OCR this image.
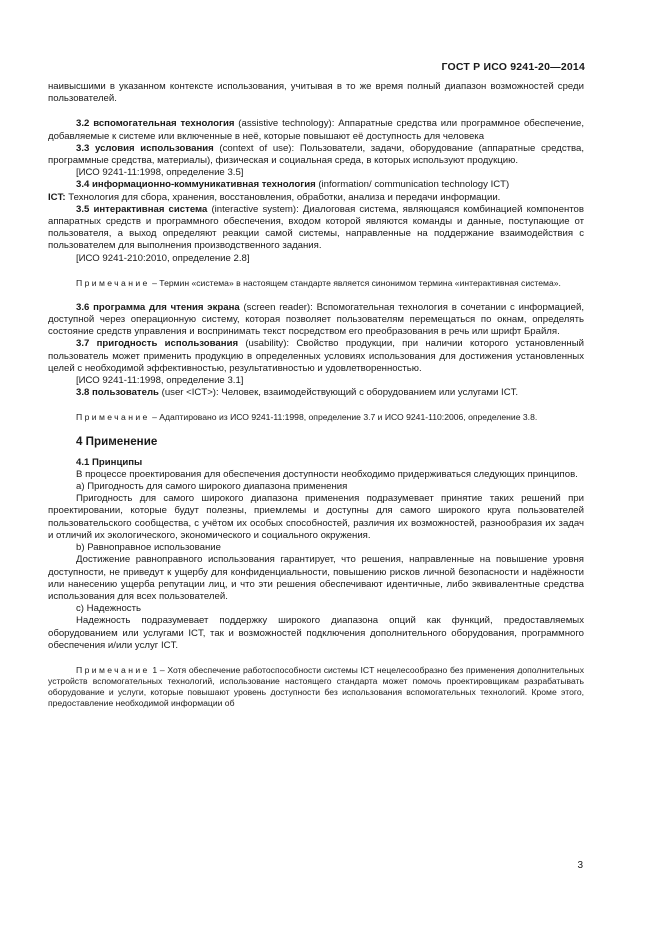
ГОСТ Р ИСО 9241-20—2014

наивысшими в указанном контексте использования, учитывая в то же время полный диапазон возможностей среди пользователей.

3.2 вспомогательная технология (assistive technology): Аппаратные средства или программное обеспечение, добавляемые к системе или включенные в неё, которые повышают её доступность для человека

3.3 условия использования (context of use): Пользователи, задачи, оборудование (аппаратные средства, программные средства, материалы), физическая и социальная среда, в которых используют продукцию.

[ИСО 9241-11:1998, определение 3.5]

3.4 информационно-коммуникативная технология (information/ communication technology ICT)

ICT: Технология для сбора, хранения, восстановления, обработки, анализа и передачи информации.

3.5 интерактивная система (interactive system): Диалоговая система, являющаяся комбинацией компонентов аппаратных средств и программного обеспечения, входом которой являются команды и данные, поступающие от пользователя, а выход определяют реакции самой системы, направленные на поддержание взаимодействия с пользователем для выполнения производственного задания.

[ИСО 9241-210:2010, определение 2.8]

Примечание – Термин «система» в настоящем стандарте является синонимом термина «интерактивная система».

3.6 программа для чтения экрана (screen reader): Вспомогательная технология в сочетании с информацией, доступной через операционную систему, которая позволяет пользователям перемещаться по окнам, определять состояние средств управления и воспринимать текст посредством его преобразования в речь или шрифт Брайля.

3.7 пригодность использования (usability): Свойство продукции, при наличии которого установленный пользователь может применить продукцию в определенных условиях использования для достижения установленных целей с необходимой эффективностью, результативностью и удовлетворенностью.

[ИСО 9241-11:1998, определение 3.1]

3.8 пользователь (user <ICT>): Человек, взаимодействующий с оборудованием или услугами ICT.

Примечание – Адаптировано из ИСО 9241-11:1998, определение 3.7 и ИСО 9241-110:2006, определение 3.8.

4 Применение

4.1 Принципы

В процессе проектирования для обеспечения доступности необходимо придерживаться следующих принципов.

a) Пригодность для самого широкого диапазона применения

Пригодность для самого широкого диапазона применения подразумевает принятие таких решений при проектировании, которые будут полезны, приемлемы и доступны для самого широкого круга пользователей пользовательского сообщества, с учётом их особых способностей, различия их возможностей, разнообразия их задач и отличий их экологического, экономического и социального окружения.

b) Равноправное использование

Достижение равноправного использования гарантирует, что решения, направленные на повышение уровня доступности, не приведут к ущербу для конфиденциальности, повышению рисков личной безопасности и надёжности или нанесению ущерба репутации лиц, и что эти решения обеспечивают идентичные, либо эквивалентные средства использования для всех пользователей.

c) Надежность

Надежность подразумевает поддержку широкого диапазона опций как функций, предоставляемых оборудованием или услугами ICT, так и возможностей подключения дополнительного оборудования, программного обеспечения и/или услуг ICT.

Примечание 1 – Хотя обеспечение работоспособности системы ICT нецелесообразно без применения дополнительных устройств вспомогательных технологий, использование настоящего стандарта может помочь проектировщикам разрабатывать оборудование и услуги, которые повышают уровень доступности без использования вспомогательных технологий. Кроме этого, предоставление необходимой информации об

3
